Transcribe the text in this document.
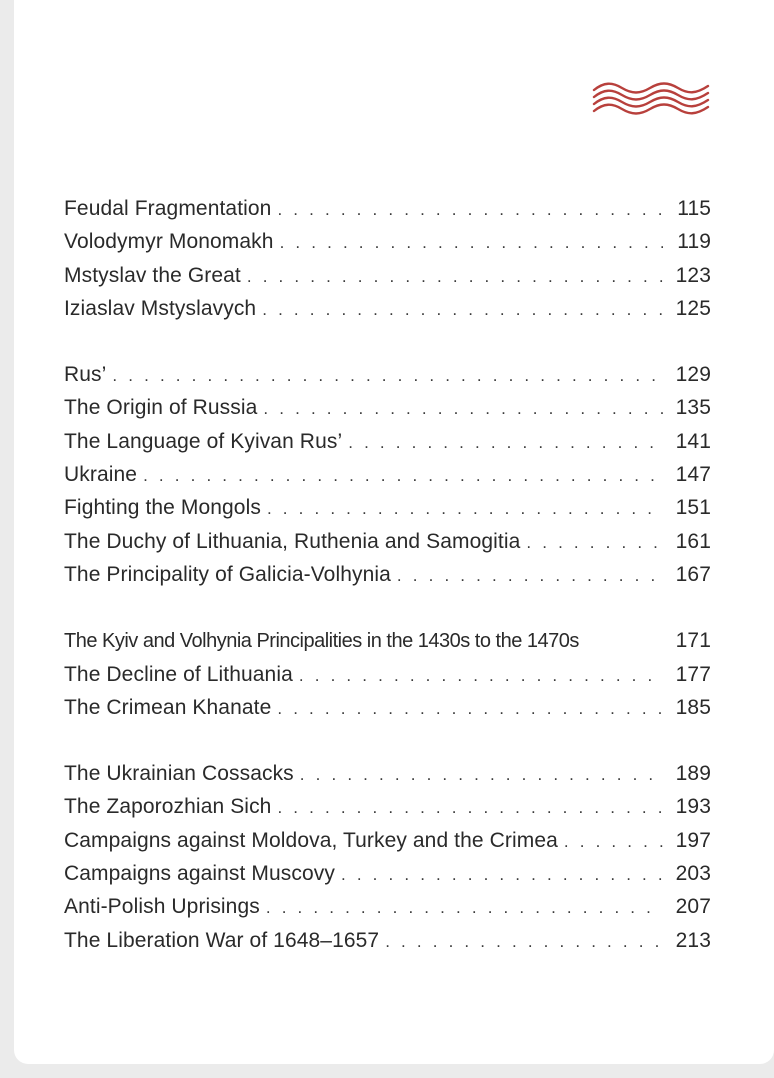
Feudal Fragmentation . . .	115
Volodymyr Monomakh . . .	119
Mstyslav the Great . . .	123
Iziaslav Mstyslavych . . .	125
Rus’ . . .	129
The Origin of Russia . . .	135
The Language of Kyivan Rus’ . . .	141
Ukraine . . .	147
Fighting the Mongols . . .	151
The Duchy of Lithuania, Ruthenia and Samogitia . . .	161
The Principality of Galicia-Volhynia . . .	167
The Kyiv and Volhynia Principalities in the 1430s to the 1470s	171
The Decline of Lithuania . . .	177
The Crimean Khanate . . .	185
The Ukrainian Cossacks . . .	189
The Zaporozhian Sich . . .	193
Campaigns against Moldova, Turkey and the Crimea . . .	197
Campaigns against Muscovy . . .	203
Anti-Polish Uprisings . . .	207
The Liberation War of 1648–1657 . . .	213
